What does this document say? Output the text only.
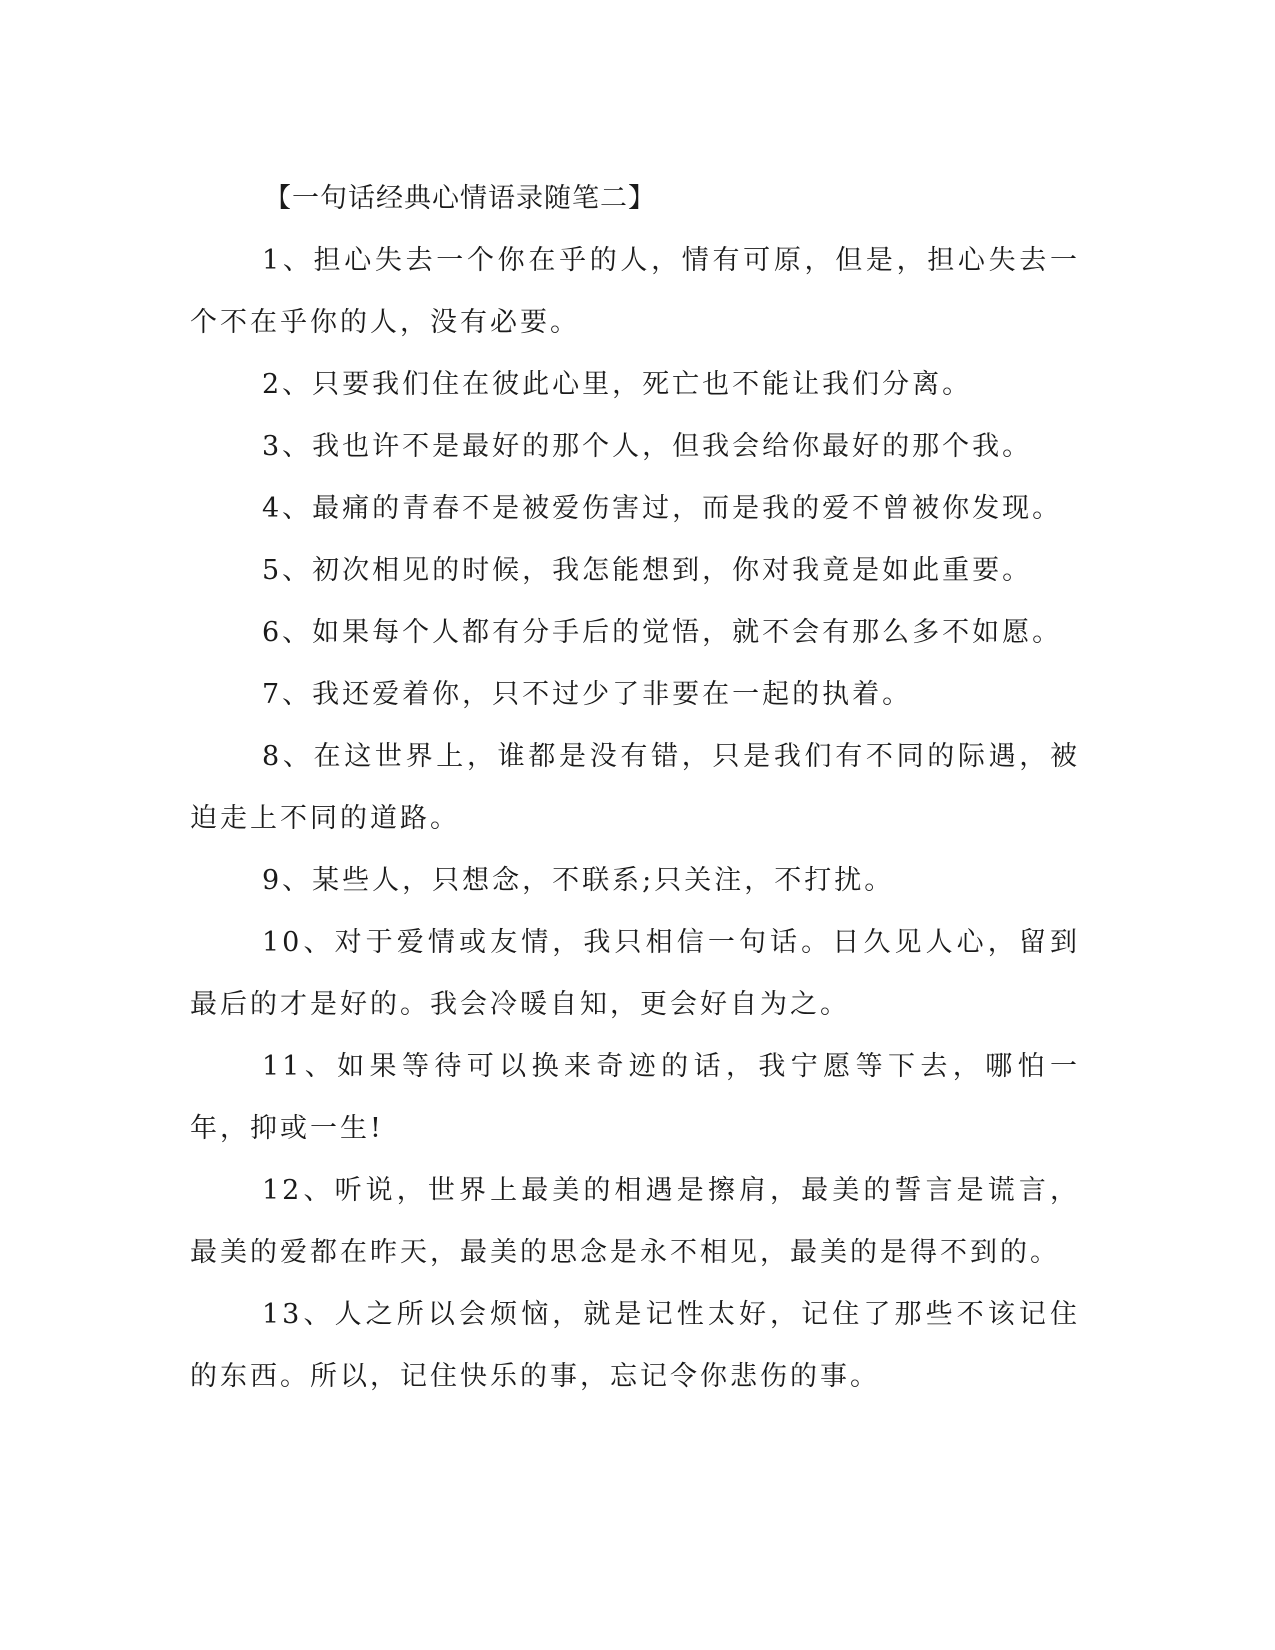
【一句话经典心情语录随笔二】

1、担心失去一个你在乎的人，情有可原，但是，担心失去一个不在乎你的人，没有必要。

2、只要我们住在彼此心里，死亡也不能让我们分离。

3、我也许不是最好的那个人，但我会给你最好的那个我。

4、最痛的青春不是被爱伤害过，而是我的爱不曾被你发现。

5、初次相见的时候，我怎能想到，你对我竟是如此重要。

6、如果每个人都有分手后的觉悟，就不会有那么多不如愿。

7、我还爱着你，只不过少了非要在一起的执着。

8、在这世界上，谁都是没有错，只是我们有不同的际遇，被迫走上不同的道路。

9、某些人，只想念，不联系;只关注，不打扰。

10、对于爱情或友情，我只相信一句话。日久见人心，留到最后的才是好的。我会冷暖自知，更会好自为之。

11、如果等待可以换来奇迹的话，我宁愿等下去，哪怕一年，抑或一生!

12、听说，世界上最美的相遇是擦肩，最美的誓言是谎言，最美的爱都在昨天，最美的思念是永不相见，最美的是得不到的。

13、人之所以会烦恼，就是记性太好，记住了那些不该记住的东西。所以，记住快乐的事，忘记令你悲伤的事。
